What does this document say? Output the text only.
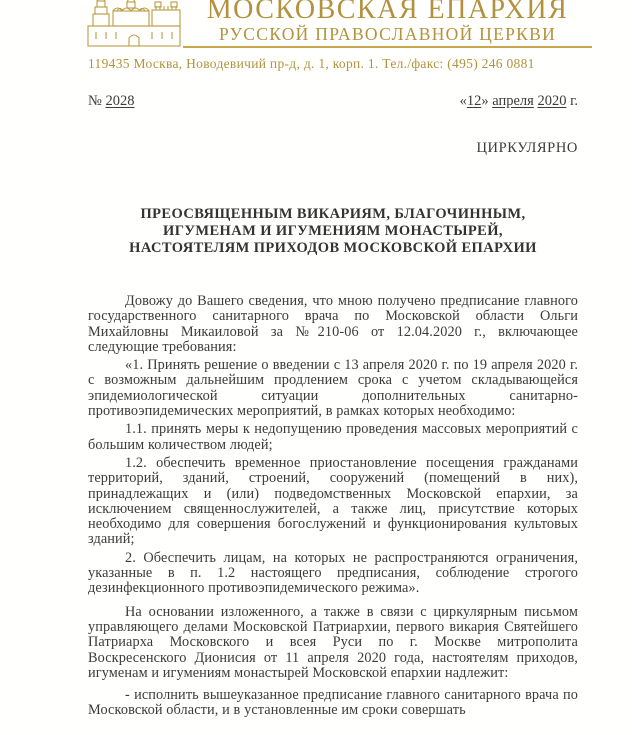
МОСКОВСКАЯ ЕПАРХИЯ
РУССКОЙ ПРАВОСЛАВНОЙ ЦЕРКВИ
119435 Москва, Новодевичий пр-д, д. 1, корп. 1. Тел./факс: (495) 246 0881
№ 2028	«12» апреля 2020 г.
ЦИРКУЛЯРНО
ПРЕОСВЯЩЕННЫМ ВИКАРИЯМ, БЛАГОЧИННЫМ,
ИГУМЕНАМ И ИГУМЕНИЯМ МОНАСТЫРЕЙ,
НАСТОЯТЕЛЯМ ПРИХОДОВ МОСКОВСКОЙ ЕПАРХИИ

Довожу до Вашего сведения, что мною получено предписание главного государственного санитарного врача по Московской области Ольги Михайловны Микаиловой за №210-06 от 12.04.2020 г., включающее следующие требования:

«1. Принять решение о введении с 13 апреля 2020 г. по 19 апреля 2020 г. с возможным дальнейшим продлением срока с учетом складывающейся эпидемиологической ситуации дополнительных санитарно-противоэпидемических мероприятий, в рамках которых необходимо:

1.1. принять меры к недопущению проведения массовых мероприятий с большим количеством людей;

1.2. обеспечить временное приостановление посещения гражданами территорий, зданий, строений, сооружений (помещений в них), принадлежащих и (или) подведомственных Московской епархии, за исключением священнослужителей, а также лиц, присутствие которых необходимо для совершения богослужений и функционирования культовых зданий;

2. Обеспечить лицам, на которых не распространяются ограничения, указанные в п. 1.2 настоящего предписания, соблюдение строгого дезинфекционного противоэпидемического режима».

На основании изложенного, а также в связи с циркулярным письмом управляющего делами Московской Патриархии, первого викария Святейшего Патриарха Московского и всея Руси по г. Москве митрополита Воскресенского Дионисия от 11 апреля 2020 года, настоятелям приходов, игуменам и игумениям монастырей Московской епархии надлежит:

- исполнить вышеуказанное предписание главного санитарного врача по Московской области, и в установленные им сроки совершать
